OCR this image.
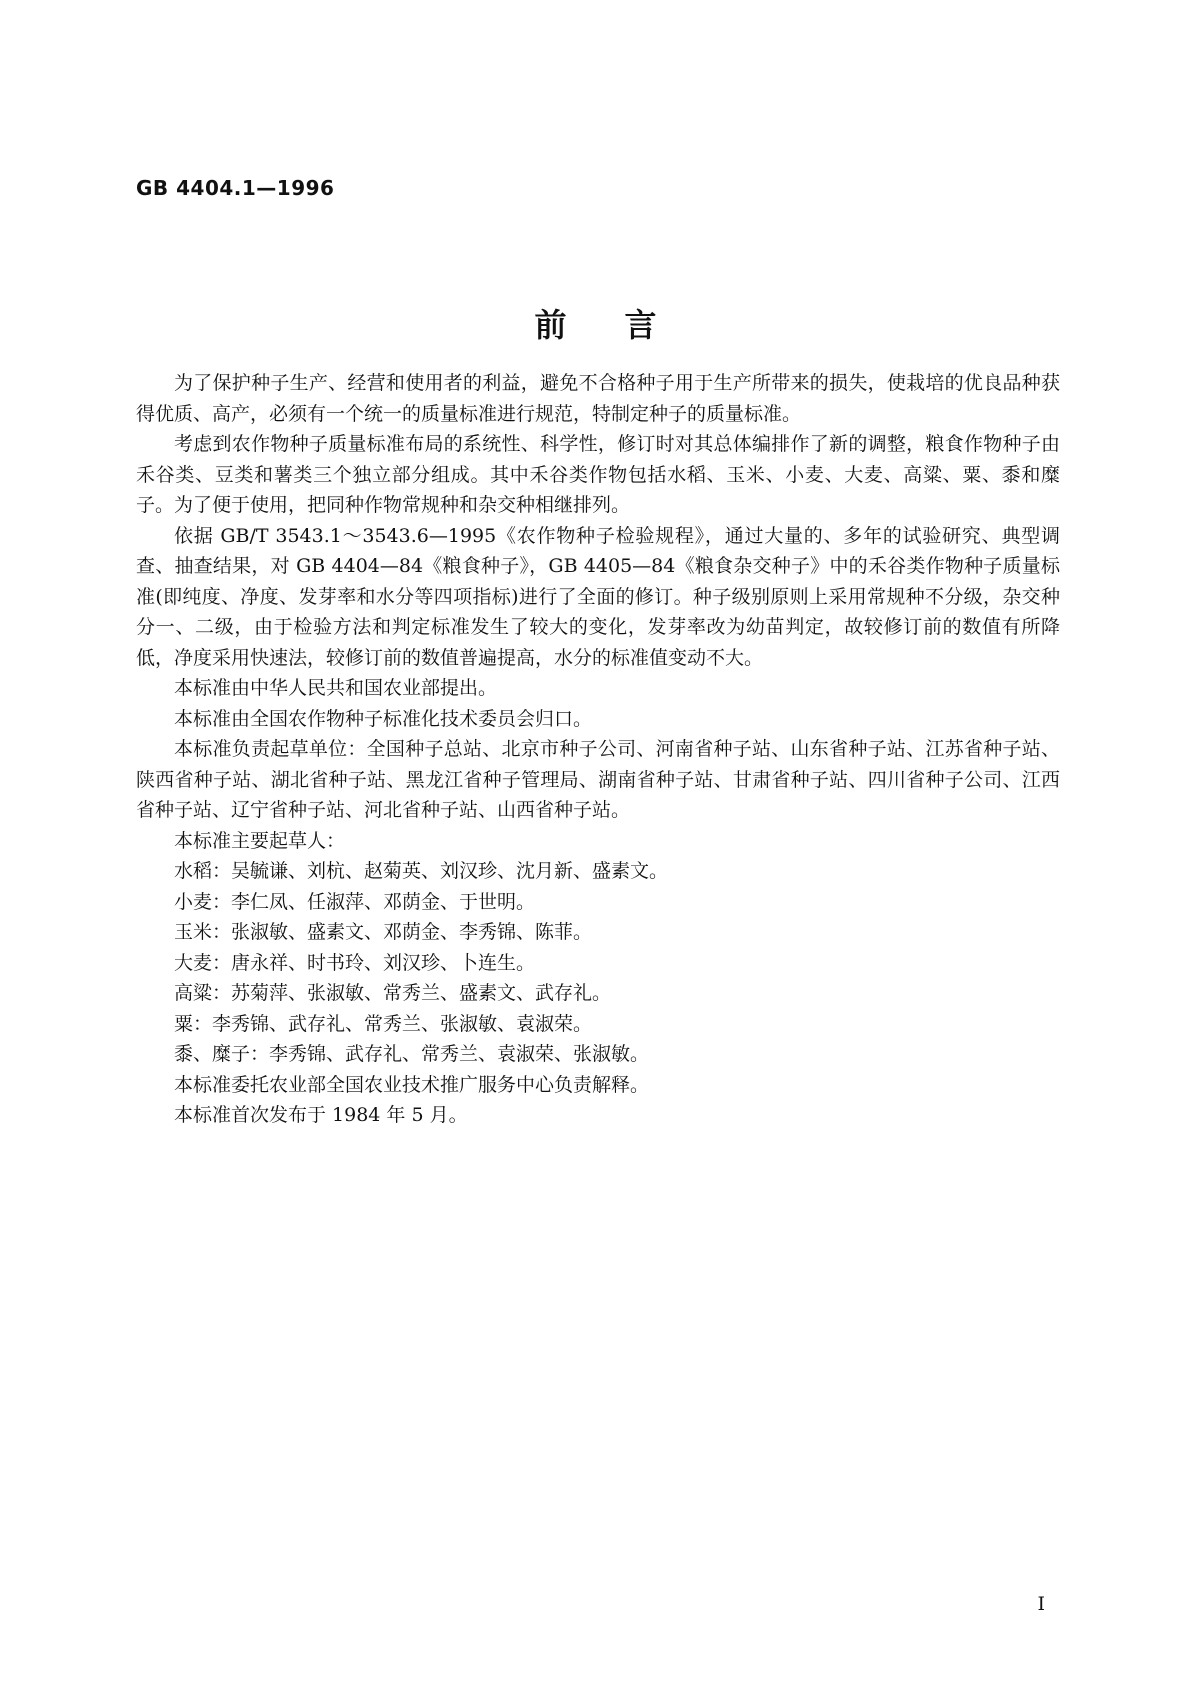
GB 4404.1—1996
前言

为了保护种子生产、经营和使用者的利益，避免不合格种子用于生产所带来的损失，使栽培的优良品种获得优质、高产，必须有一个统一的质量标准进行规范，特制定种子的质量标准。

考虑到农作物种子质量标准布局的系统性、科学性，修订时对其总体编排作了新的调整，粮食作物种子由禾谷类、豆类和薯类三个独立部分组成。其中禾谷类作物包括水稻、玉米、小麦、大麦、高粱、粟、黍和糜子。为了便于使用，把同种作物常规种和杂交种相继排列。

依据 GB/T 3543.1～3543.6—1995《农作物种子检验规程》，通过大量的、多年的试验研究、典型调查、抽查结果，对 GB 4404—84《粮食种子》，GB 4405—84《粮食杂交种子》中的禾谷类作物种子质量标准(即纯度、净度、发芽率和水分等四项指标)进行了全面的修订。种子级别原则上采用常规种不分级，杂交种分一、二级，由于检验方法和判定标准发生了较大的变化，发芽率改为幼苗判定，故较修订前的数值有所降低，净度采用快速法，较修订前的数值普遍提高，水分的标准值变动不大。

本标准由中华人民共和国农业部提出。

本标准由全国农作物种子标准化技术委员会归口。

本标准负责起草单位：全国种子总站、北京市种子公司、河南省种子站、山东省种子站、江苏省种子站、陕西省种子站、湖北省种子站、黑龙江省种子管理局、湖南省种子站、甘肃省种子站、四川省种子公司、江西省种子站、辽宁省种子站、河北省种子站、山西省种子站。

本标准主要起草人：

水稻：吴毓谦、刘杭、赵菊英、刘汉珍、沈月新、盛素文。
小麦：李仁凤、任淑萍、邓荫金、于世明。
玉米：张淑敏、盛素文、邓荫金、李秀锦、陈菲。
大麦：唐永祥、时书玲、刘汉珍、卜连生。
高粱：苏菊萍、张淑敏、常秀兰、盛素文、武存礼。
粟：李秀锦、武存礼、常秀兰、张淑敏、袁淑荣。
黍、糜子：李秀锦、武存礼、常秀兰、袁淑荣、张淑敏。

本标准委托农业部全国农业技术推广服务中心负责解释。

本标准首次发布于 1984 年 5 月。

I
